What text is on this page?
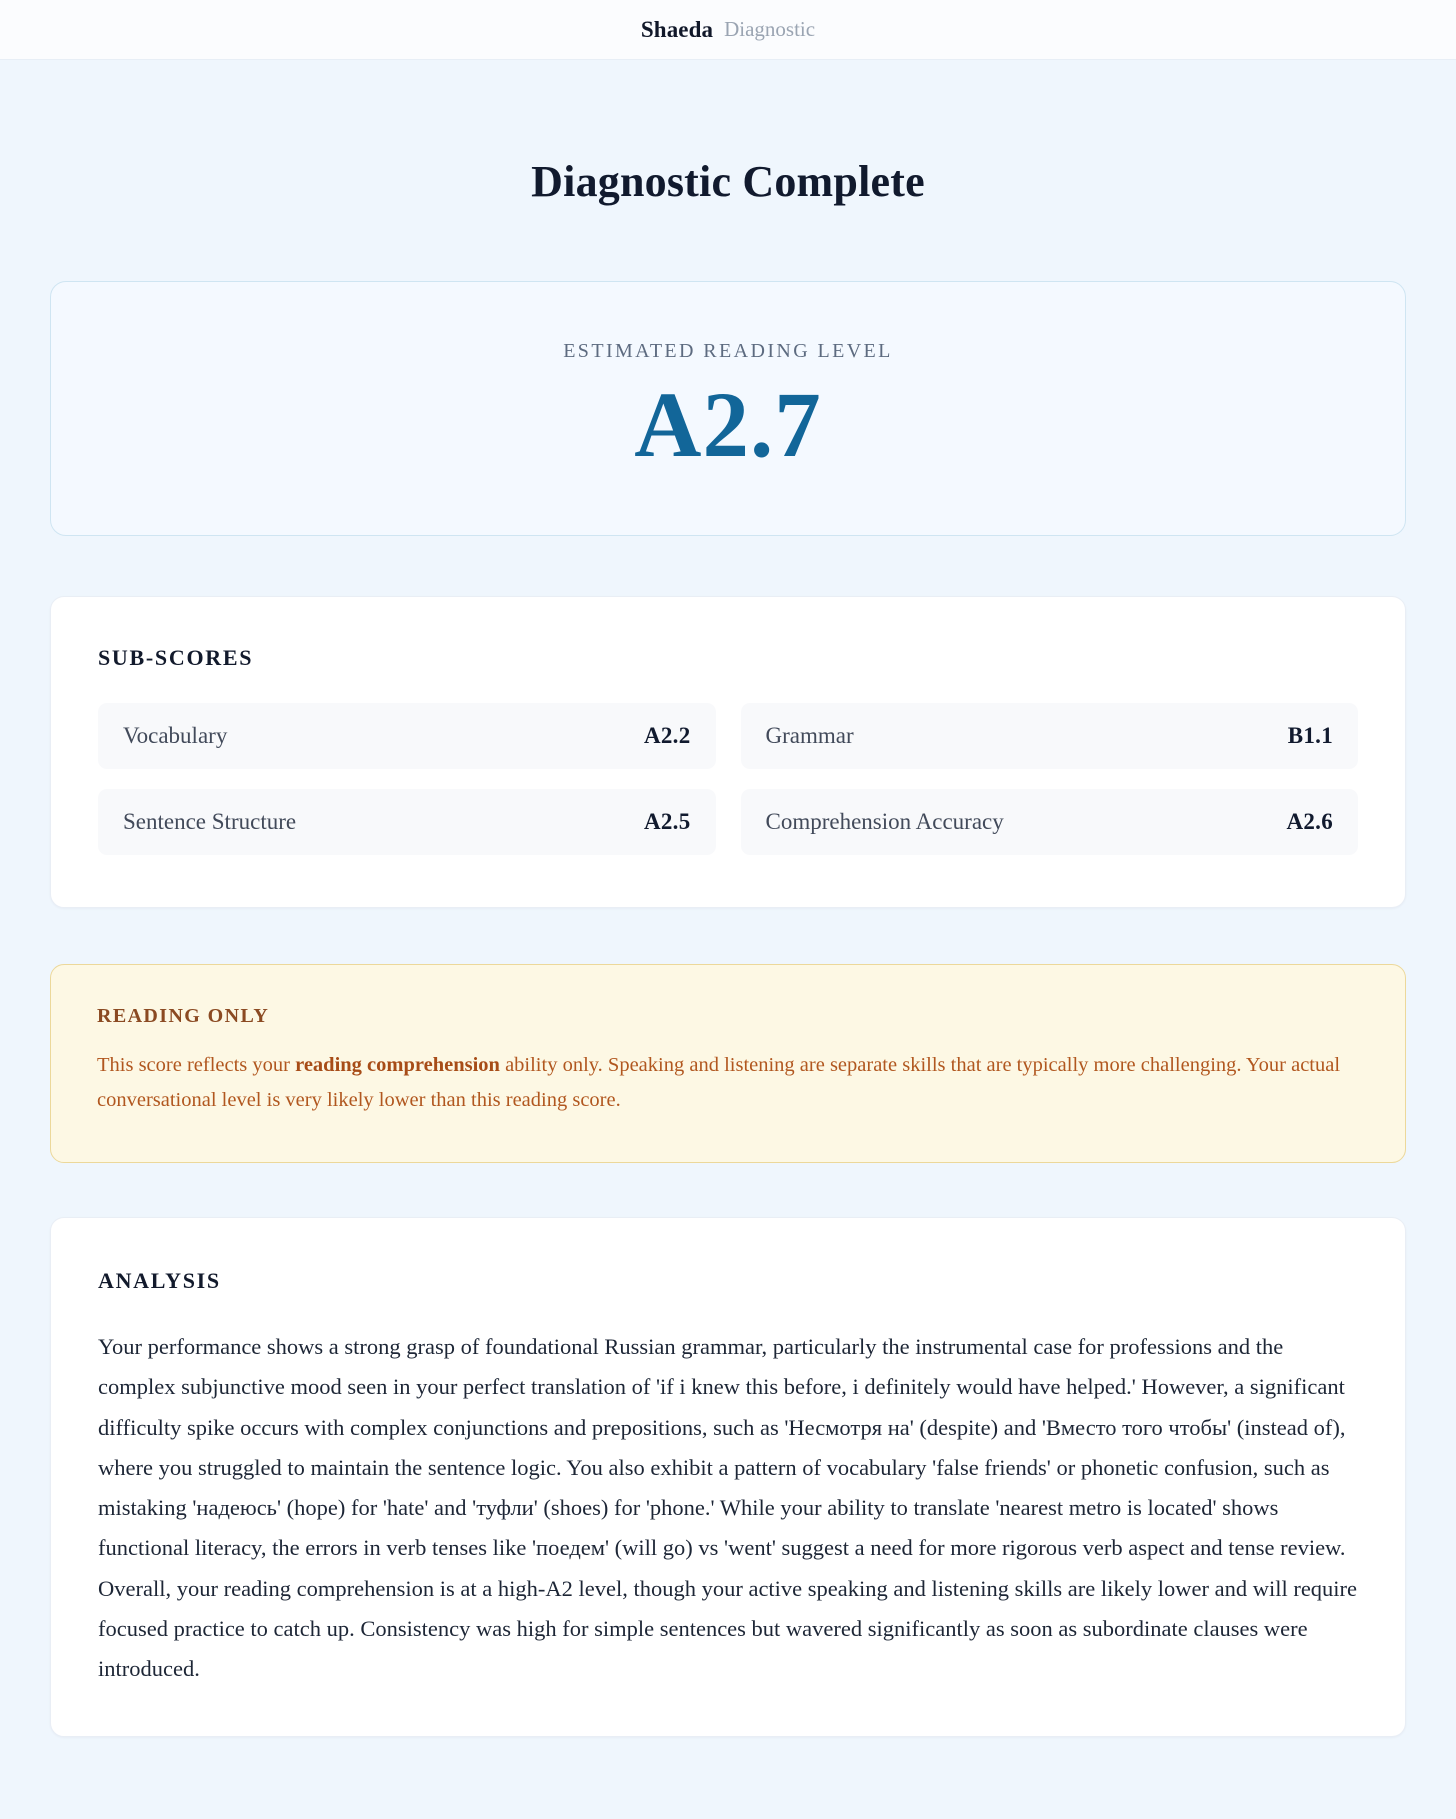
Shaeda Diagnostic
Diagnostic Complete
ESTIMATED READING LEVEL
A2.7
SUB-SCORES
Vocabulary	A2.2	Grammar	B1.1
Sentence Structure	A2.5	Comprehension Accuracy	A2.6
READING ONLY

This score reflects your reading comprehension ability only. Speaking and listening are separate skills that are typically more challenging. Your actual conversational level is very likely lower than this reading score.

ANALYSIS

Your performance shows a strong grasp of foundational Russian grammar, particularly the instrumental case for professions and the complex subjunctive mood seen in your perfect translation of 'if i knew this before, i definitely would have helped.' However, a significant difficulty spike occurs with complex conjunctions and prepositions, such as 'Несмотря на' (despite) and 'Вместо того чтобы' (instead of), where you struggled to maintain the sentence logic. You also exhibit a pattern of vocabulary 'false friends' or phonetic confusion, such as mistaking 'надеюсь' (hope) for 'hate' and 'туфли' (shoes) for 'phone.' While your ability to translate 'nearest metro is located' shows functional literacy, the errors in verb tenses like 'поедем' (will go) vs 'went' suggest a need for more rigorous verb aspect and tense review. Overall, your reading comprehension is at a high-A2 level, though your active speaking and listening skills are likely lower and will require focused practice to catch up. Consistency was high for simple sentences but wavered significantly as soon as subordinate clauses were introduced.
